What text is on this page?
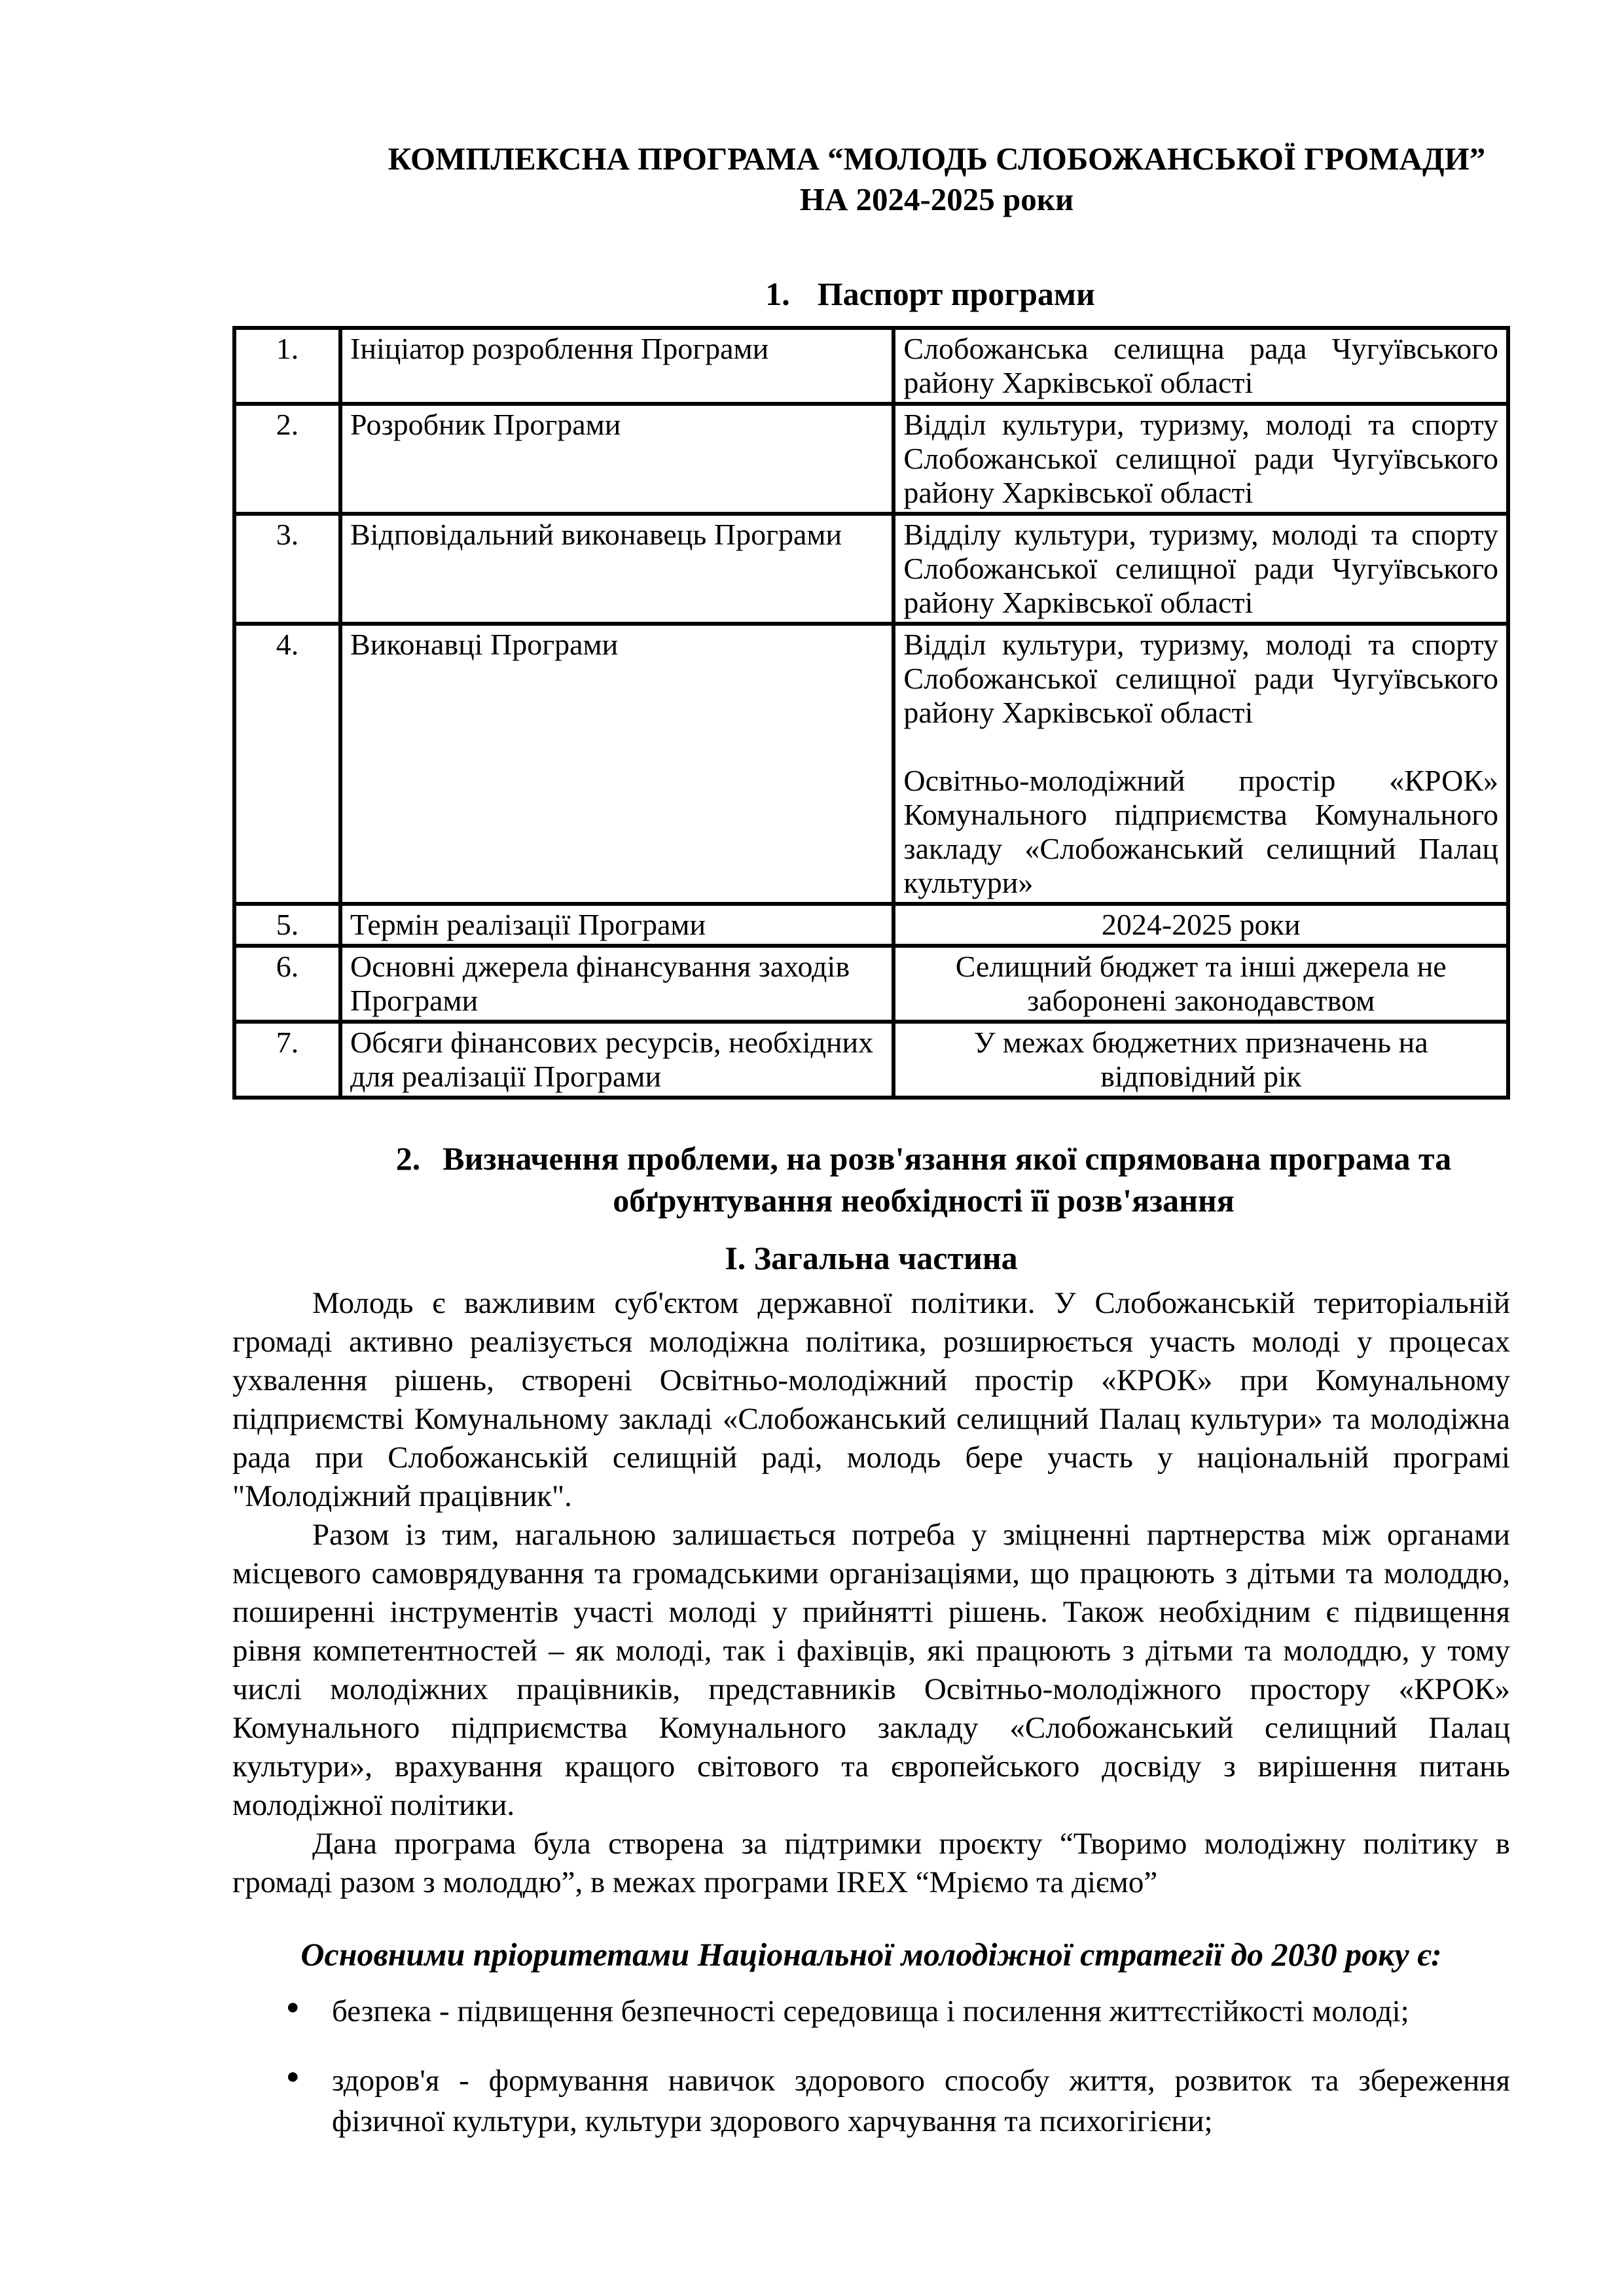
КОМПЛЕКСНА ПРОГРАМА “МОЛОДЬ СЛОБОЖАНСЬКОЇ ГРОМАДИ”
НА 2024-2025 роки
1. Паспорт програми
1.	Ініціатор розроблення Програми	Слобожанська селищна рада Чугуївського району Харківської області
2.	Розробник Програми	Відділ культури, туризму, молоді та спорту Слобожанської селищної ради Чугуївського району Харківської області
3.	Відповідальний виконавець Програми	Відділу культури, туризму, молоді та спорту Слобожанської селищної ради Чугуївського району Харківської області
4.	Виконавці Програми	Відділ культури, туризму, молоді та спорту Слобожанської селищної ради Чугуївського району Харківської області
Освітньо-молодіжний простір «КРОК» Комунального підприємства Комунального закладу «Слобожанський селищний Палац культури»

5.	Термін реалізації Програми	2024-2025 роки
6.	Основні джерела фінансування заходів Програми	Селищний бюджет та інші джерела не заборонені законодавством
7.	Обсяги фінансових ресурсів, необхідних для реалізації Програми	У межах бюджетних призначень на відповідний рік
2. Визначення проблеми, на розв'язання якої спрямована програма та
обґрунтування необхідності її розв'язання
І. Загальна частина

Молодь є важливим суб'єктом державної політики. У Слобожанській територіальній громаді активно реалізується молодіжна політика, розширюється участь молоді у процесах ухвалення рішень, створені Освітньо-молодіжний простір «КРОК» при Комунальному підприємстві Комунальному закладі «Слобожанський селищний Палац культури» та молодіжна рада при Слобожанській селищній раді, молодь бере участь у національній програмі "Молодіжний працівник".

Разом із тим, нагальною залишається потреба у зміцненні партнерства між органами місцевого самоврядування та громадськими організаціями, що працюють з дітьми та молоддю, поширенні інструментів участі молоді у прийнятті рішень. Також необхідним є підвищення рівня компетентностей – як молоді, так і фахівців, які працюють з дітьми та молоддю, у тому числі молодіжних працівників, представників Освітньо-молодіжного простору «КРОК» Комунального підприємства Комунального закладу «Слобожанський селищний Палац культури», врахування кращого світового та європейського досвіду з вирішення питань молодіжної політики.

Дана програма була створена за підтримки проєкту “Творимо молодіжну політику в громаді разом з молоддю”, в межах програми IREX “Мріємо та діємо”

Основними пріоритетами Національної молодіжної стратегії до 2030 року є:
● безпека - підвищення безпечності середовища і посилення життєстійкості молоді;
● здоров'я - формування навичок здорового способу життя, розвиток та збереження фізичної культури, культури здорового харчування та психогігієни;
